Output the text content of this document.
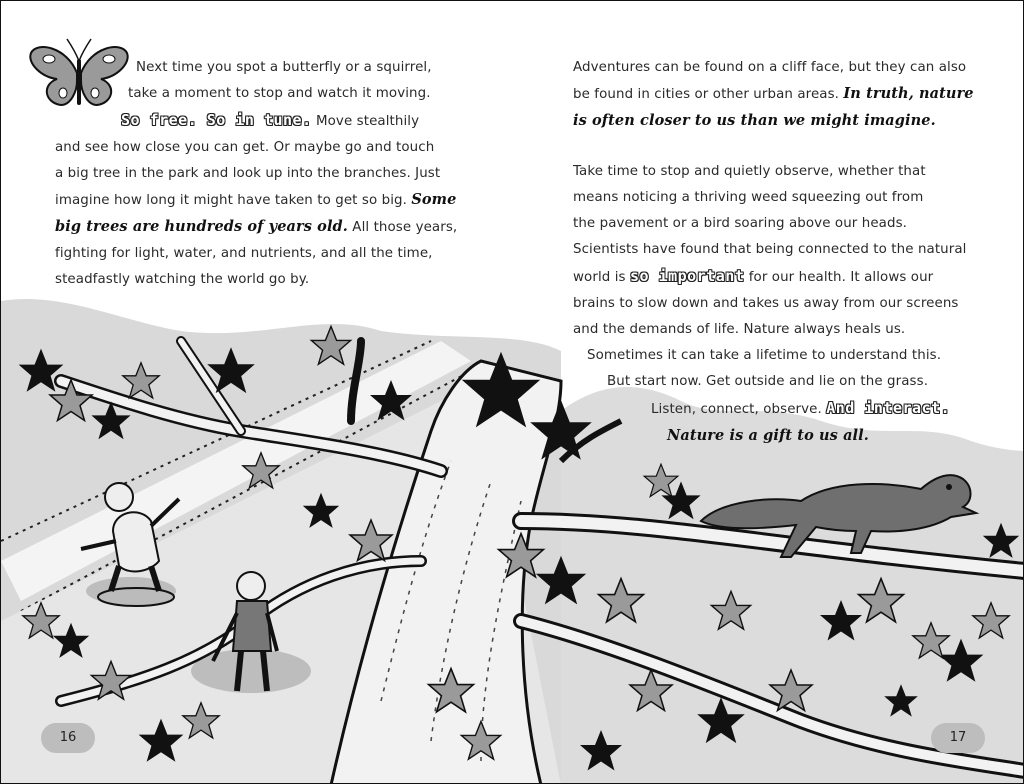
Next time you spot a butterfly or a squirrel,
take a moment to stop and watch it moving.
So free. So in tune. Move stealthily
and see how close you can get. Or maybe go and touch
a big tree in the park and look up into the branches. Just
imagine how long it might have taken to get so big. Some
big trees are hundreds of years old. All those years,
fighting for light, water, and nutrients, and all the time,
steadfastly watching the world go by.
16
Adventures can be found on a cliff face, but they can also
be found in cities or other urban areas. In truth, nature
is often closer to us than we might imagine.
Take time to stop and quietly observe, whether that
means noticing a thriving weed squeezing out from
the pavement or a bird soaring above our heads.
Scientists have found that being connected to the natural
world is so important for our health. It allows our
brains to slow down and takes us away from our screens
and the demands of life. Nature always heals us.
Sometimes it can take a lifetime to understand this.
But start now. Get outside and lie on the grass.
Listen, connect, observe. And interact.
Nature is a gift to us all.
17
